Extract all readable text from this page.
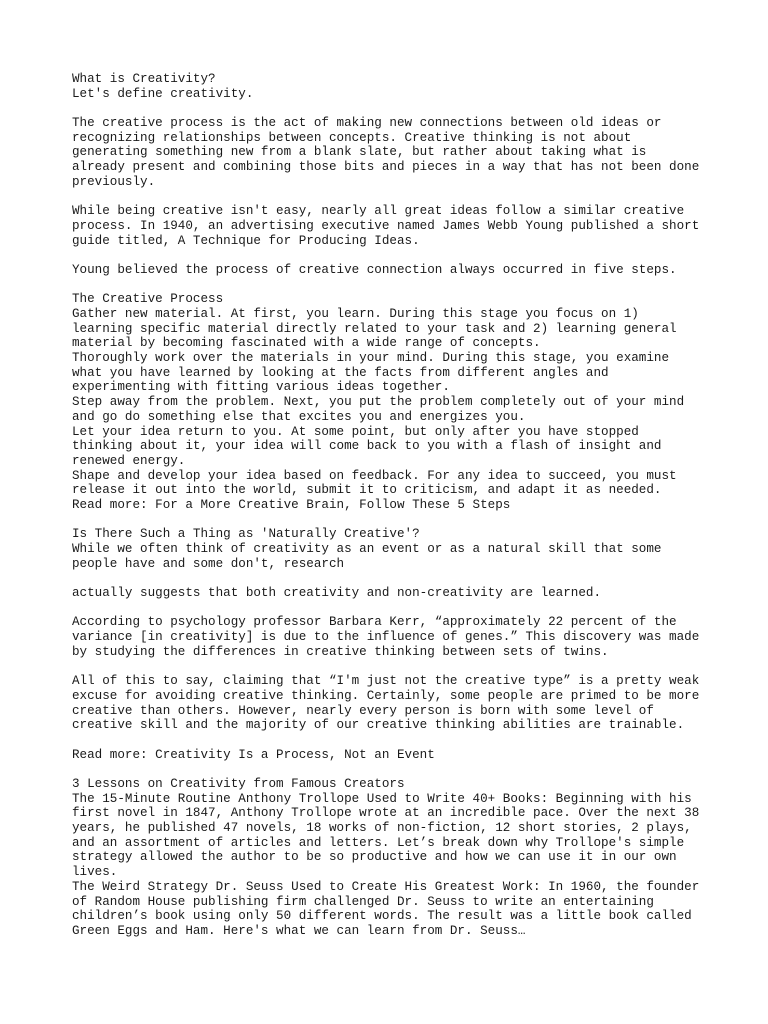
What is Creativity?
Let's define creativity.
The creative process is the act of making new connections between old ideas or
recognizing relationships between concepts. Creative thinking is not about
generating something new from a blank slate, but rather about taking what is
already present and combining those bits and pieces in a way that has not been done
previously.
While being creative isn't easy, nearly all great ideas follow a similar creative
process. In 1940, an advertising executive named James Webb Young published a short
guide titled, A Technique for Producing Ideas.
Young believed the process of creative connection always occurred in five steps.
The Creative Process
Gather new material. At first, you learn. During this stage you focus on 1)
learning specific material directly related to your task and 2) learning general
material by becoming fascinated with a wide range of concepts.
Thoroughly work over the materials in your mind. During this stage, you examine
what you have learned by looking at the facts from different angles and
experimenting with fitting various ideas together.
Step away from the problem. Next, you put the problem completely out of your mind
and go do something else that excites you and energizes you.
Let your idea return to you. At some point, but only after you have stopped
thinking about it, your idea will come back to you with a flash of insight and
renewed energy.
Shape and develop your idea based on feedback. For any idea to succeed, you must
release it out into the world, submit it to criticism, and adapt it as needed.
Read more: For a More Creative Brain, Follow These 5 Steps
Is There Such a Thing as 'Naturally Creative'?
While we often think of creativity as an event or as a natural skill that some
people have and some don't, research
actually suggests that both creativity and non-creativity are learned.
According to psychology professor Barbara Kerr, “approximately 22 percent of the
variance [in creativity] is due to the influence of genes.” This discovery was made
by studying the differences in creative thinking between sets of twins.
All of this to say, claiming that “I'm just not the creative type” is a pretty weak
excuse for avoiding creative thinking. Certainly, some people are primed to be more
creative than others. However, nearly every person is born with some level of
creative skill and the majority of our creative thinking abilities are trainable.
Read more: Creativity Is a Process, Not an Event
3 Lessons on Creativity from Famous Creators
The 15-Minute Routine Anthony Trollope Used to Write 40+ Books: Beginning with his
first novel in 1847, Anthony Trollope wrote at an incredible pace. Over the next 38
years, he published 47 novels, 18 works of non-fiction, 12 short stories, 2 plays,
and an assortment of articles and letters. Let’s break down why Trollope's simple
strategy allowed the author to be so productive and how we can use it in our own
lives.
The Weird Strategy Dr. Seuss Used to Create His Greatest Work: In 1960, the founder
of Random House publishing firm challenged Dr. Seuss to write an entertaining
children’s book using only 50 different words. The result was a little book called
Green Eggs and Ham. Here's what we can learn from Dr. Seuss…
